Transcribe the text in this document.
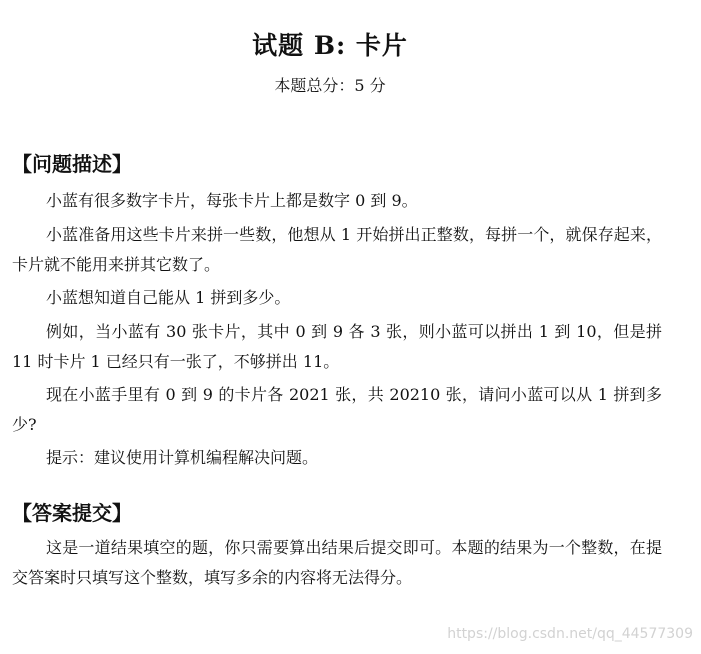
试题 B: 卡片
本题总分：5 分
【问题描述】
小蓝有很多数字卡片，每张卡片上都是数字 0 到 9。
小蓝准备用这些卡片来拼一些数，他想从 1 开始拼出正整数，每拼一个，就保存起来，卡片就不能用来拼其它数了。
小蓝想知道自己能从 1 拼到多少。
例如，当小蓝有 30 张卡片，其中 0 到 9 各 3 张，则小蓝可以拼出 1 到 10，但是拼 11 时卡片 1 已经只有一张了，不够拼出 11。
现在小蓝手里有 0 到 9 的卡片各 2021 张，共 20210 张，请问小蓝可以从 1 拼到多少?
提示：建议使用计算机编程解决问题。
【答案提交】
这是一道结果填空的题，你只需要算出结果后提交即可。本题的结果为一个整数，在提交答案时只填写这个整数，填写多余的内容将无法得分。
https://blog.csdn.net/qq_44577309
